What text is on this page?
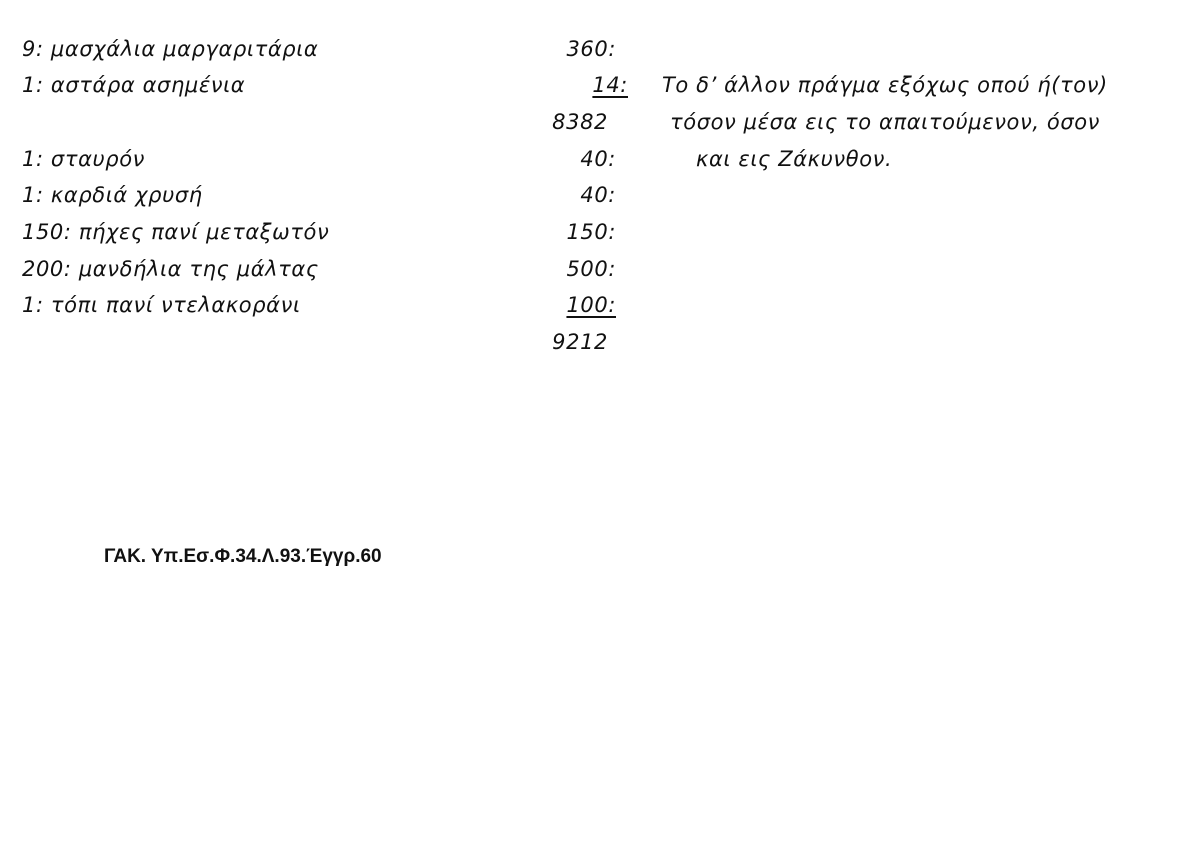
9: μασχάλια μαργαριτάρια
1: αστάρα ασημένια
1: σταυρόν
1: καρδιά χρυσή
150: πήχες πανί μεταξωτόν
200: μανδήλια της μάλτας
1: τόπι πανί ντελακοράνι
360:
14:
8382
40:
40:
150:
500:
100:
9212
Το δ’ άλλον πράγμα εξόχως οπού ή(τον)
τόσον μέσα εις το απαιτούμενον, όσον
και εις Ζάκυνθον.
ΓΑΚ. Υπ.Εσ.Φ.34.Λ.93.Έγγρ.60
